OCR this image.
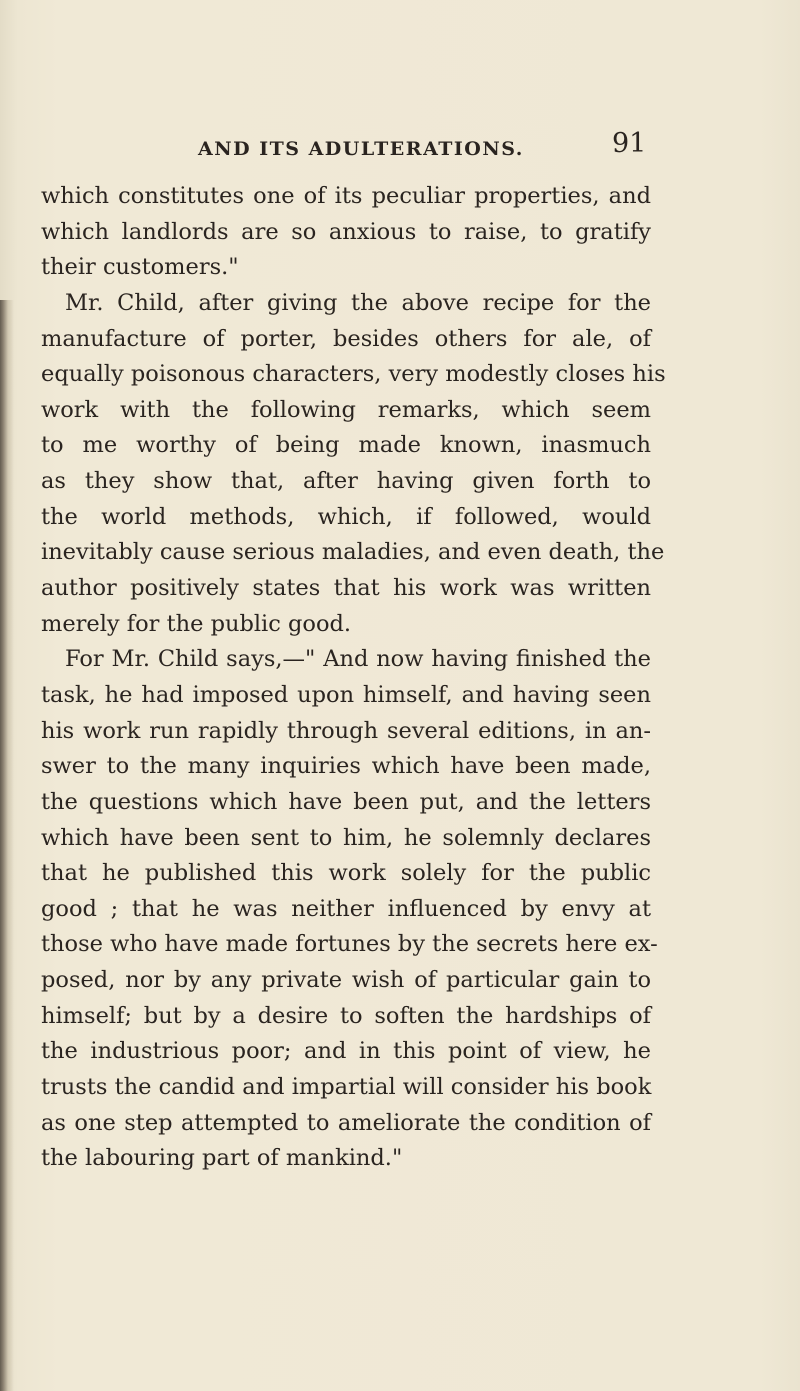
AND ITS ADULTERATIONS.	91
which constitutes one of its peculiar properties, and
which landlords are so anxious to raise, to gratify
their customers."
Mr. Child, after giving the above recipe for the
manufacture of porter, besides others for ale, of
equally poisonous characters, very modestly closes his
work with the following remarks, which seem
to me worthy of being made known, inasmuch
as they show that, after having given forth to
the world methods, which, if followed, would
inevitably cause serious maladies, and even death, the
author positively states that his work was written
merely for the public good.
For Mr. Child says,—" And now having finished the
task, he had imposed upon himself, and having seen
his work run rapidly through several editions, in an-
swer to the many inquiries which have been made,
the questions which have been put, and the letters
which have been sent to him, he solemnly declares
that he published this work solely for the public
good ; that he was neither influenced by envy at
those who have made fortunes by the secrets here ex-
posed, nor by any private wish of particular gain to
himself; but by a desire to soften the hardships of
the industrious poor; and in this point of view, he
trusts the candid and impartial will consider his book
as one step attempted to ameliorate the condition of
the labouring part of mankind."
